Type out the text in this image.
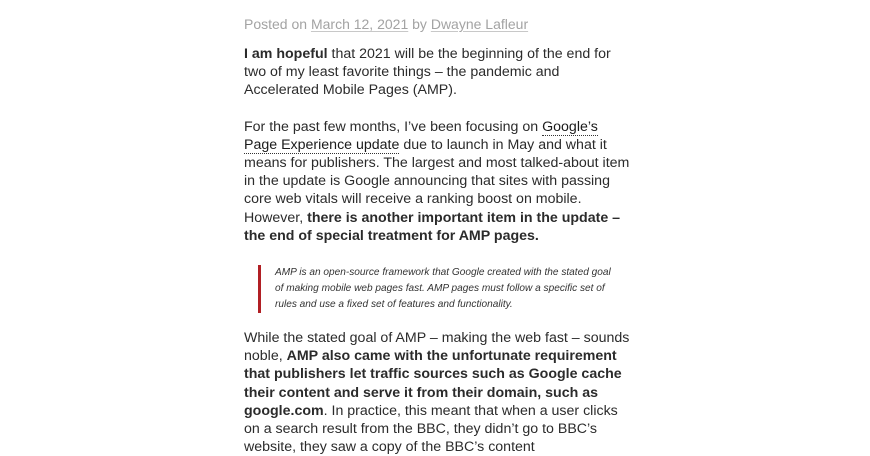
Posted on March 12, 2021 by Dwayne Lafleur

I am hopeful that 2021 will be the beginning of the end for two of my least favorite things – the pandemic and Accelerated Mobile Pages (AMP).

For the past few months, I’ve been focusing on Google’s Page Experience update due to launch in May and what it means for publishers. The largest and most talked-about item in the update is Google announcing that sites with passing core web vitals will receive a ranking boost on mobile. However, there is another important item in the update – the end of special treatment for AMP pages.

AMP is an open-source framework that Google created with the stated goal of making mobile web pages fast. AMP pages must follow a specific set of rules and use a fixed set of features and functionality.

While the stated goal of AMP – making the web fast – sounds noble, AMP also came with the unfortunate requirement that publishers let traffic sources such as Google cache their content and serve it from their domain, such as google.com. In practice, this meant that when a user clicks on a search result from the BBC, they didn’t go to BBC’s website, they saw a copy of the BBC’s content
